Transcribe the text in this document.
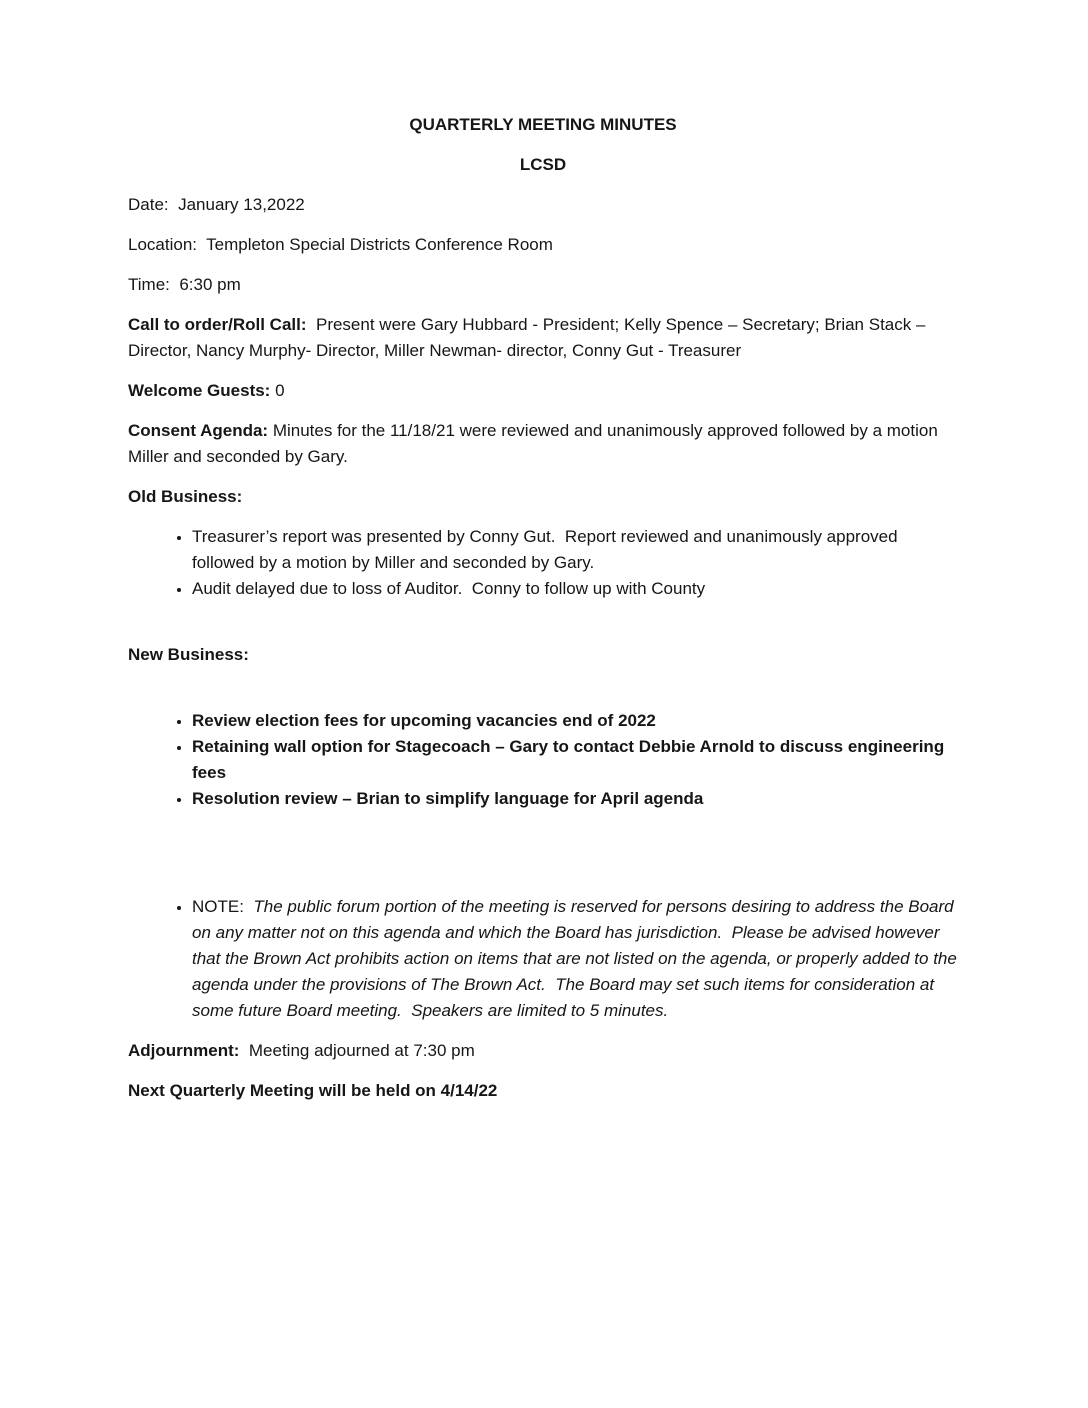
QUARTERLY MEETING MINUTES

LCSD

Date:  January 13,2022

Location:  Templeton Special Districts Conference Room

Time:  6:30 pm

Call to order/Roll Call:  Present were Gary Hubbard - President; Kelly Spence – Secretary; Brian Stack – Director, Nancy Murphy- Director, Miller Newman- director, Conny Gut - Treasurer

Welcome Guests: 0

Consent Agenda: Minutes for the 11/18/21 were reviewed and unanimously approved followed by a motion Miller and seconded by Gary.

Old Business:

• Treasurer’s report was presented by Conny Gut.  Report reviewed and unanimously approved followed by a motion by Miller and seconded by Gary.
• Audit delayed due to loss of Auditor.  Conny to follow up with County

New Business:

• Review election fees for upcoming vacancies end of 2022
• Retaining wall option for Stagecoach – Gary to contact Debbie Arnold to discuss engineering fees
• Resolution review – Brian to simplify language for April agenda
• NOTE:  The public forum portion of the meeting is reserved for persons desiring to address the Board on any matter not on this agenda and which the Board has jurisdiction.  Please be advised however that the Brown Act prohibits action on items that are not listed on the agenda, or properly added to the agenda under the provisions of The Brown Act.  The Board may set such items for consideration at some future Board meeting.  Speakers are limited to 5 minutes.

Adjournment:  Meeting adjourned at 7:30 pm

Next Quarterly Meeting will be held on 4/14/22
